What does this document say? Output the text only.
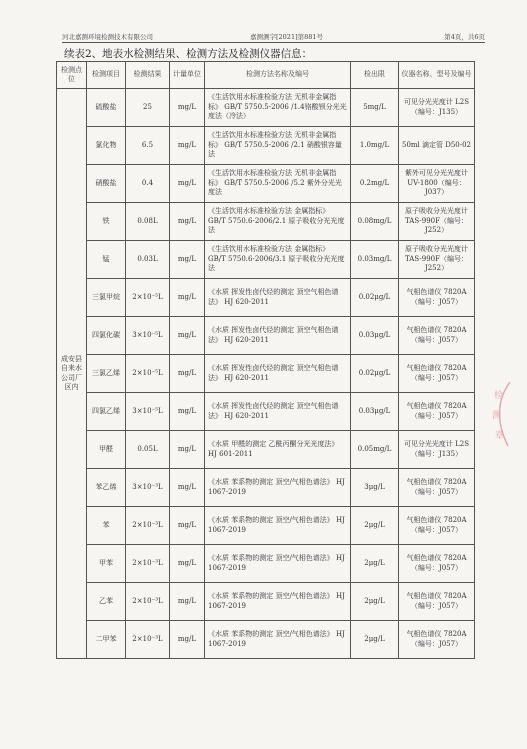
河北嘉测环境检测技术有限公司	嘉测测字[2021]第881号	第4页，共6页
续表2、地表水检测结果、检测方法及检测仪器信息：
检测点位	检测项目	检测结果	计量单位	检测方法名称及编号	检出限	仪器名称、型号及编号
成安县自来水公司厂区内	硫酸盐	25	mg/L	《生活饮用水标准检验方法 无机非金属指标》 GB/T 5750.5-2006 /1.4铬酸钡分光光度法（冷法）	5mg/L	可见分光光度计 L2S（编号：J135）
	氯化物	6.5	mg/L	《生活饮用水标准检验方法 无机非金属指标》 GB/T 5750.5-2006 /2.1 硝酸银容量法	1.0mg/L	50ml 滴定管 D50-02
	硝酸盐	0.4	mg/L	《生活饮用水标准检验方法 无机非金属指标》 GB/T 5750.5-2006 /5.2 紫外分光光度法	0.2mg/L	紫外可见分光光度计 UV-1800（编号：J037）
	铁	0.08L	mg/L	《生活饮用水标准检验方法 金属指标》 GB/T 5750.6-2006/2.1 原子吸收分光光度法	0.08mg/L	原子吸收分光光度计 TAS-990F（编号：J252）
	锰	0.03L	mg/L	《生活饮用水标准检验方法 金属指标》 GB/T 5750.6-2006/3.1 原子吸收分光光度法	0.03mg/L	原子吸收分光光度计 TAS-990F（编号：J252）
	三氯甲烷	2×10⁻⁵L	mg/L	《水质 挥发性卤代烃的测定 顶空气相色谱法》 HJ 620-2011	0.02μg/L	气相色谱仪 7820A（编号：J057）
	四氯化碳	3×10⁻⁵L	mg/L	《水质 挥发性卤代烃的测定 顶空气相色谱法》 HJ 620-2011	0.03μg/L	气相色谱仪 7820A（编号：J057）
	三氯乙烯	2×10⁻⁵L	mg/L	《水质 挥发性卤代烃的测定 顶空气相色谱法》 HJ 620-2011	0.02μg/L	气相色谱仪 7820A（编号：J057）
	四氯乙烯	3×10⁻⁵L	mg/L	《水质 挥发性卤代烃的测定 顶空气相色谱法》 HJ 620-2011	0.03μg/L	气相色谱仪 7820A（编号：J057）
	甲醛	0.05L	mg/L	《水质 甲醛的测定 乙酰丙酮分光光度法》 HJ 601-2011	0.05mg/L	可见分光光度计 L2S（编号：J135）
	苯乙烯	3×10⁻³L	mg/L	《水质 苯系物的测定 顶空/气相色谱法》 HJ 1067-2019	3μg/L	气相色谱仪 7820A（编号：J057）
	苯	2×10⁻³L	mg/L	《水质 苯系物的测定 顶空/气相色谱法》 HJ 1067-2019	2μg/L	气相色谱仪 7820A（编号：J057）
	甲苯	2×10⁻³L	mg/L	《水质 苯系物的测定 顶空/气相色谱法》 HJ 1067-2019	2μg/L	气相色谱仪 7820A（编号：J057）
	乙苯	2×10⁻³L	mg/L	《水质 苯系物的测定 顶空/气相色谱法》 HJ 1067-2019	2μg/L	气相色谱仪 7820A（编号：J057）
	二甲苯	2×10⁻³L	mg/L	《水质 苯系物的测定 顶空/气相色谱法》 HJ 1067-2019	2μg/L	气相色谱仪 7820A（编号：J057）
检
测
章
